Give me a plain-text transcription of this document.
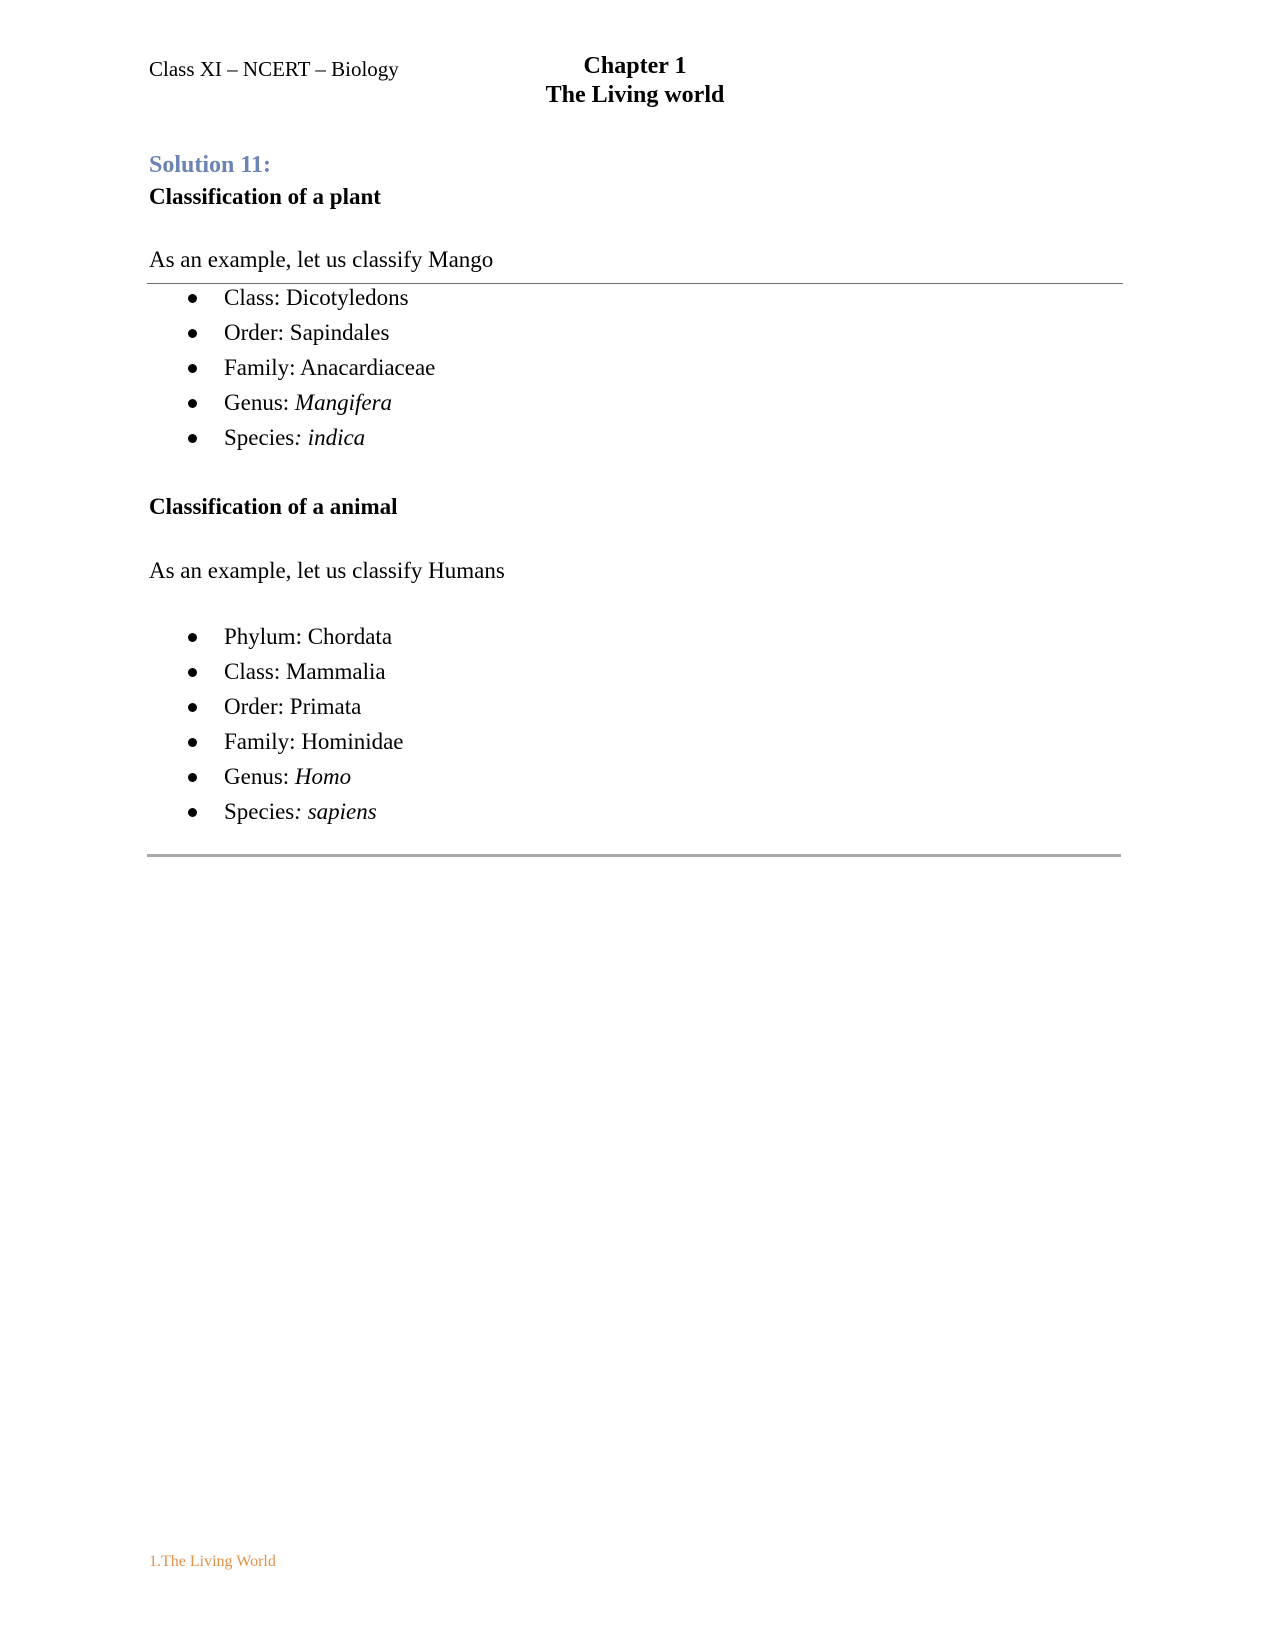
Class XI – NCERT – Biology	Chapter 1
The Living world
Solution 11:
Classification of a plant
As an example, let us classify Mango
Class: Dicotyledons
Order: Sapindales
Family: Anacardiaceae
Genus: Mangifera
Species: indica
Classification of a animal
As an example, let us classify Humans
Phylum: Chordata
Class: Mammalia
Order: Primata
Family: Hominidae
Genus: Homo
Species: sapiens
1.The Living World
